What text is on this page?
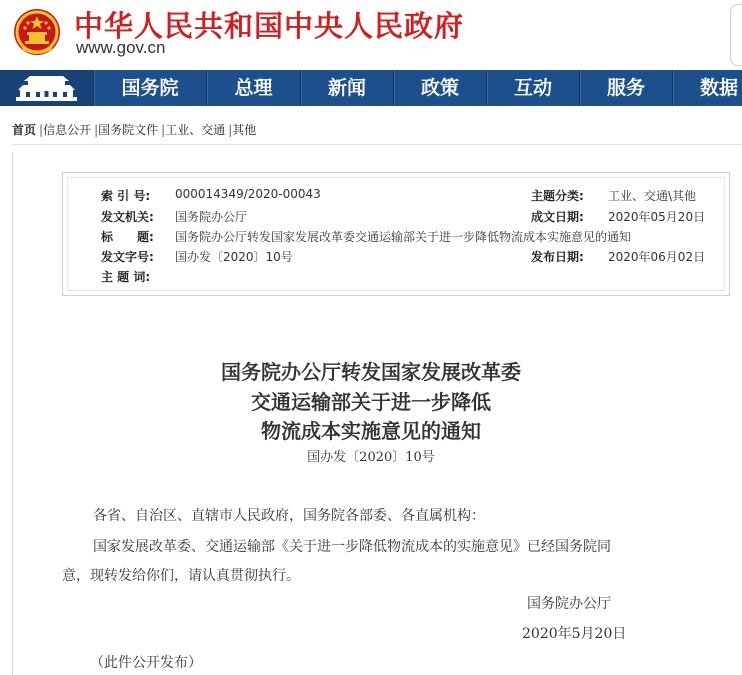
中华人民共和国中央人民政府
www.gov.cn
国务院	总理	新闻	政策	互动	服务	数据
首页 |信息公开 |国务院文件 |工业、交通 |其他
索 引 号: 000014349/2020-00043	主题分类: 工业、交通\其他
发文机关: 国务院办公厅	成文日期: 2020年05月20日
标　　题: 国务院办公厅转发国家发展改革委交通运输部关于进一步降低物流成本实施意见的通知
发文字号: 国办发〔2020〕10号	发布日期: 2020年06月02日
主 题 词:
国务院办公厅转发国家发展改革委
交通运输部关于进一步降低
物流成本实施意见的通知
国办发〔2020〕10号
各省、自治区、直辖市人民政府，国务院各部委、各直属机构：
国家发展改革委、交通运输部《关于进一步降低物流成本的实施意见》已经国务院同
意，现转发给你们，请认真贯彻执行。
国务院办公厅
2020年5月20日
（此件公开发布）
